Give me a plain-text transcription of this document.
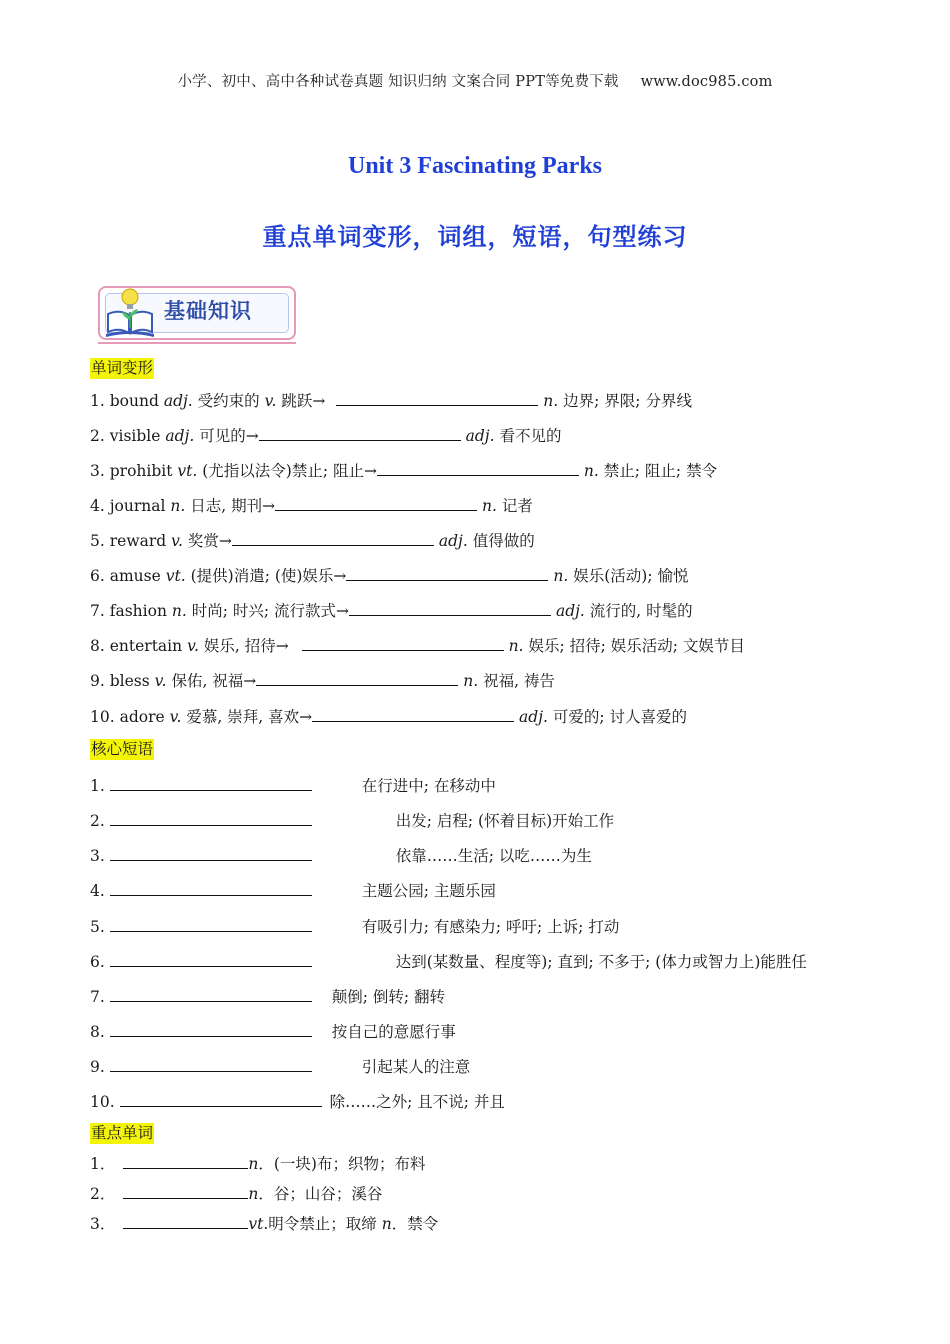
小学、初中、高中各种试卷真题 知识归纳 文案合同 PPT等免费下载 www.doc985.com
Unit 3 Fascinating Parks
重点单词变形，词组，短语，句型练习
基础知识
单词变形
1. bound adj. 受约束的 v. 跳跃→	n. 边界; 界限; 分界线
2. visible adj. 可见的→	adj. 看不见的
3. prohibit vt. (尤指以法令)禁止; 阻止→	n. 禁止; 阻止; 禁令
4. journal n. 日志, 期刊→	n. 记者
5. reward v. 奖赏→	adj. 值得做的
6. amuse vt. (提供)消遣; (使)娱乐→	n. 娱乐(活动); 愉悦
7. fashion n. 时尚; 时兴; 流行款式→	adj. 流行的, 时髦的
8. entertain v. 娱乐, 招待→	n. 娱乐; 招待; 娱乐活动; 文娱节目
9. bless v. 保佑, 祝福→	n. 祝福, 祷告
10. adore v. 爱慕, 崇拜, 喜欢→	adj. 可爱的; 讨人喜爱的
核心短语
1.	在行进中; 在移动中
2.	出发; 启程; (怀着目标)开始工作
3.	依靠……生活; 以吃……为生
4.	主题公园; 主题乐园
5.	有吸引力; 有感染力; 呼吁; 上诉; 打动
6.	达到(某数量、程度等); 直到; 不多于; (体力或智力上)能胜任
7.	颠倒; 倒转; 翻转
8.	按自己的意愿行事
9.	引起某人的注意
10.	除……之外; 且不说; 并且
重点单词
1．	n．(一块)布；织物；布料
2．	n．谷；山谷；溪谷
3．	vt.明令禁止；取缔 n．禁令
